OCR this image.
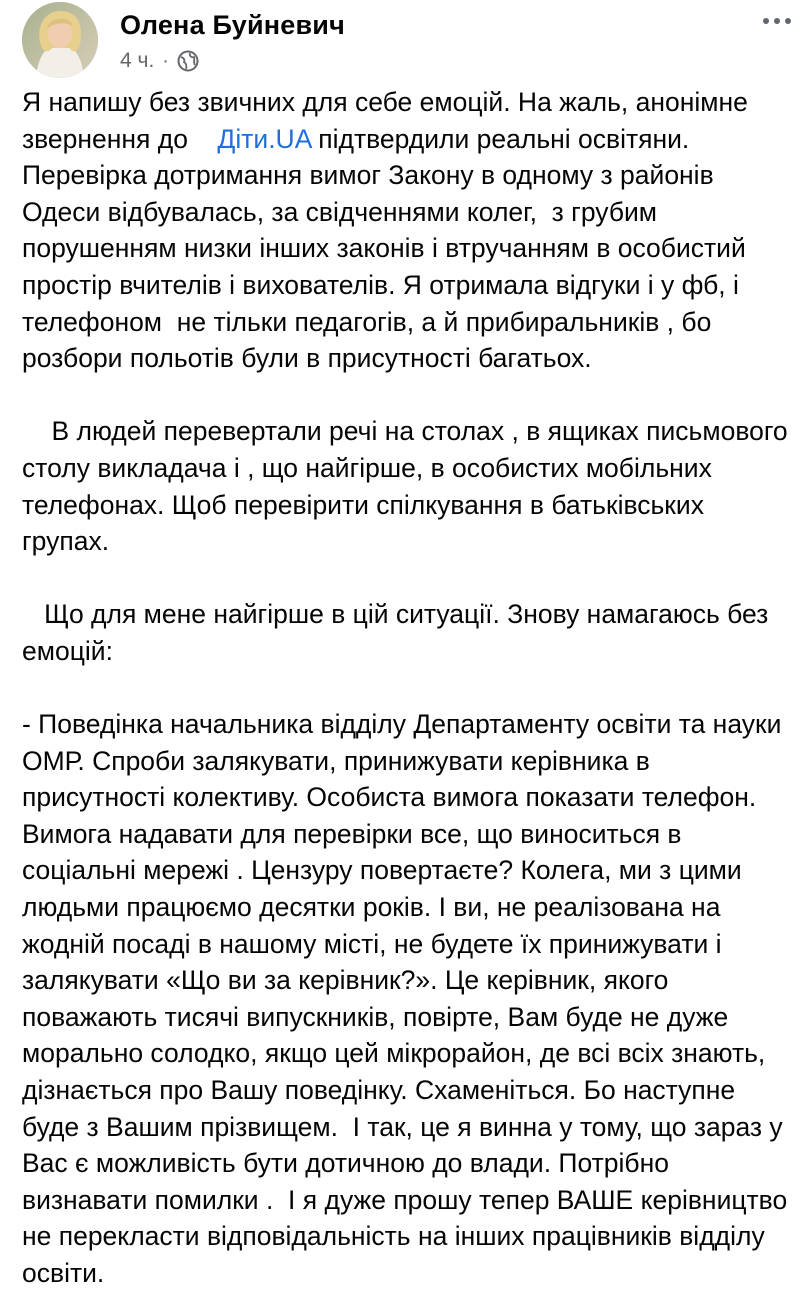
Олена Буйневич
4 ч. ·

Я напишу без звичних для себе емоцій. На жаль, анонімне звернення до    Діти.UA підтвердили реальні освітяни. Перевірка дотримання вимог Закону в одному з районів Одеси відбувалась, за свідченнями колег,  з грубим порушенням низки інших законів і втручанням в особистий простір вчителів і вихователів. Я отримала відгуки і у фб, і телефоном  не тільки педагогів, а й прибиральників , бо розбори польотів були в присутності багатьох.

В людей перевертали речі на столах , в ящиках письмового столу викладача і , що найгірше, в особистих мобільних телефонах. Щоб перевірити спілкування в батьківських групах.

Що для мене найгірше в цій ситуації. Знову намагаюсь без емоцій:

- Поведінка начальника відділу Департаменту освіти та науки ОМР. Спроби залякувати, принижувати керівника в присутності колективу. Особиста вимога показати телефон. Вимога надавати для перевірки все, що виноситься в соціальні мережі . Цензуру повертаєте? Колега, ми з цими людьми працюємо десятки років. І ви, не реалізована на жодній посаді в нашому місті, не будете їх принижувати і залякувати «Що ви за керівник?». Це керівник, якого поважають тисячі випускників, повірте, Вам буде не дуже морально солодко, якщо цей мікрорайон, де всі всіх знають, дізнається про Вашу поведінку. Схаменіться. Бо наступне буде з Вашим прізвищем.  І так, це я винна у тому, що зараз у Вас є можливість бути дотичною до влади. Потрібно визнавати помилки .  І я дуже прошу тепер ВАШЕ керівництво не перекласти відповідальність на інших працівників відділу освіти.
